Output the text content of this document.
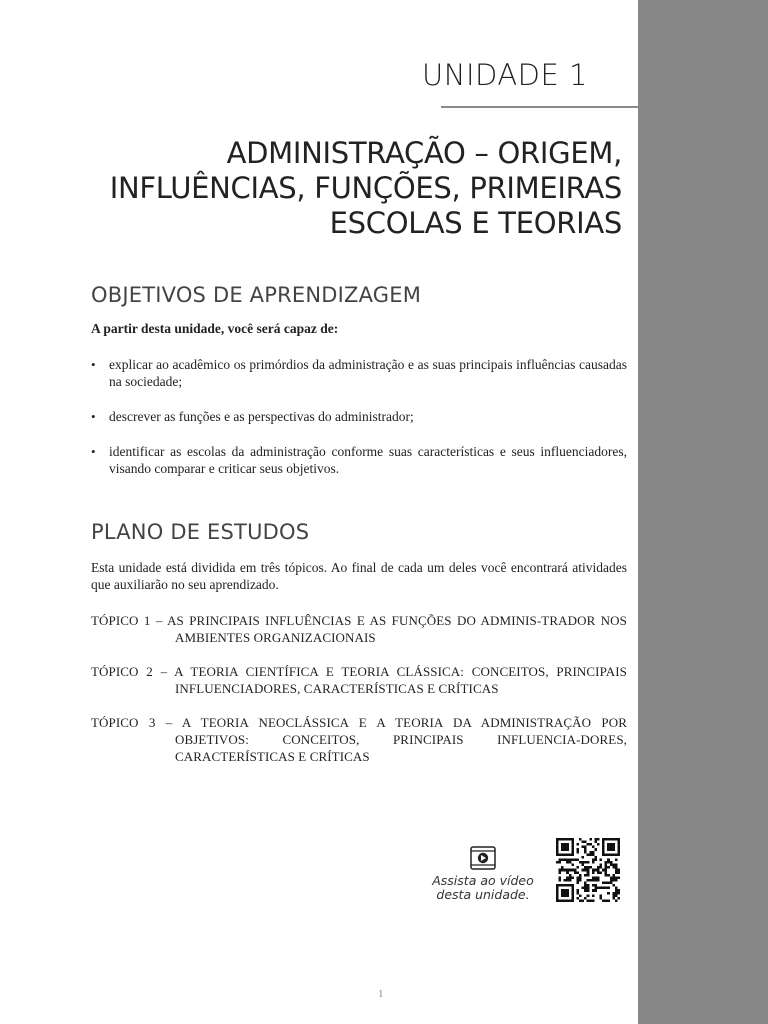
UNIDADE 1
ADMINISTRAÇÃO – ORIGEM,
INFLUÊNCIAS, FUNÇÕES, PRIMEIRAS
ESCOLAS E TEORIAS
OBJETIVOS DE APRENDIZAGEM
A partir desta unidade, você será capaz de:
• explicar ao acadêmico os primórdios da administração e as suas principais influências causadas na sociedade;
• descrever as funções e as perspectivas do administrador;
• identificar as escolas da administração conforme suas características e seus influenciadores, visando comparar e criticar seus objetivos.
PLANO DE ESTUDOS
Esta unidade está dividida em três tópicos. Ao final de cada um deles você encontrará atividades que auxiliarão no seu aprendizado.
TÓPICO 1 – AS PRINCIPAIS INFLUÊNCIAS E AS FUNÇÕES DO ADMINIS-TRADOR NOS AMBIENTES ORGANIZACIONAIS
TÓPICO 2 – A TEORIA CIENTÍFICA E TEORIA CLÁSSICA: CONCEITOS, PRINCIPAIS INFLUENCIADORES, CARACTERÍSTICAS E CRÍTICAS
TÓPICO 3 – A TEORIA NEOCLÁSSICA E A TEORIA DA ADMINISTRAÇÃO POR OBJETIVOS: CONCEITOS, PRINCIPAIS INFLUENCIA-DORES, CARACTERÍSTICAS E CRÍTICAS
Assista ao vídeo
desta unidade.
1
